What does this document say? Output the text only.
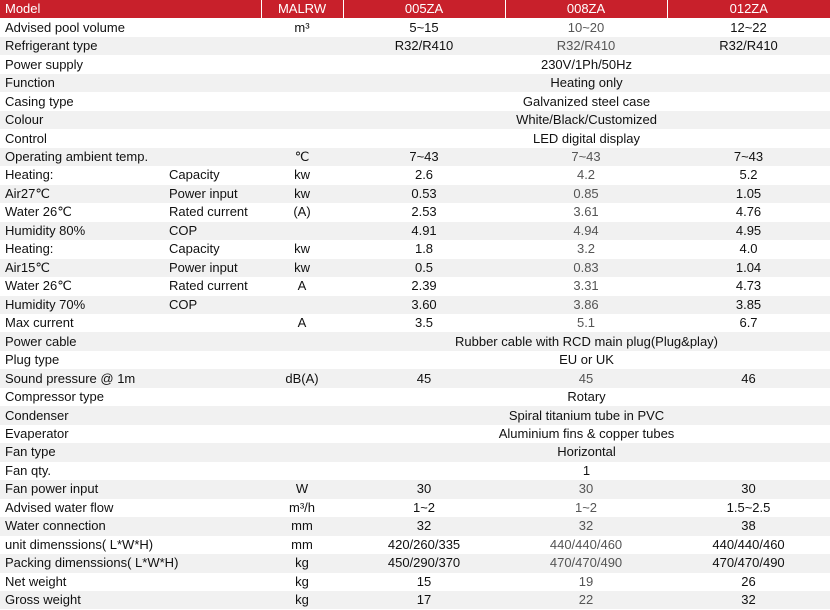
Model		MALRW	005ZA	008ZA	012ZA
Advised pool volume		m³	5~15	10~20	12~22
Refrigerant type			R32/R410	R32/R410	R32/R410
Power supply			230V/1Ph/50Hz		
Function			Heating only		
Casing type			Galvanized steel case		
Colour			White/Black/Customized		
Control			LED digital display		
Operating ambient temp.		℃	7~43	7~43	7~43
Heating:	Capacity	kw	2.6	4.2	5.2
Air27℃	Power input	kw	0.53	0.85	1.05
Water 26℃	Rated current	(A)	2.53	3.61	4.76
Humidity 80%	COP		4.91	4.94	4.95
Heating:	Capacity	kw	1.8	3.2	4.0
Air15℃	Power input	kw	0.5	0.83	1.04
Water 26℃	Rated current	A	2.39	3.31	4.73
Humidity 70%	COP		3.60	3.86	3.85
Max current		A	3.5	5.1	6.7
Power cable			Rubber cable with RCD main plug(Plug&play)		
Plug type			EU or UK		
Sound pressure @ 1m		dB(A)	45	45	46
Compressor type			Rotary		
Condenser			Spiral titanium tube in PVC		
Evaperator			Aluminium fins & copper tubes		
Fan type			Horizontal		
Fan qty.			1		
Fan power input		W	30	30	30
Advised water flow		m³/h	1~2	1~2	1.5~2.5
Water connection		mm	32	32	38
unit dimenssions( L*W*H)		mm	420/260/335	440/440/460	440/440/460
Packing dimenssions( L*W*H)		kg	450/290/370	470/470/490	470/470/490
Net weight		kg	15	19	26
Gross weight		kg	17	22	32
